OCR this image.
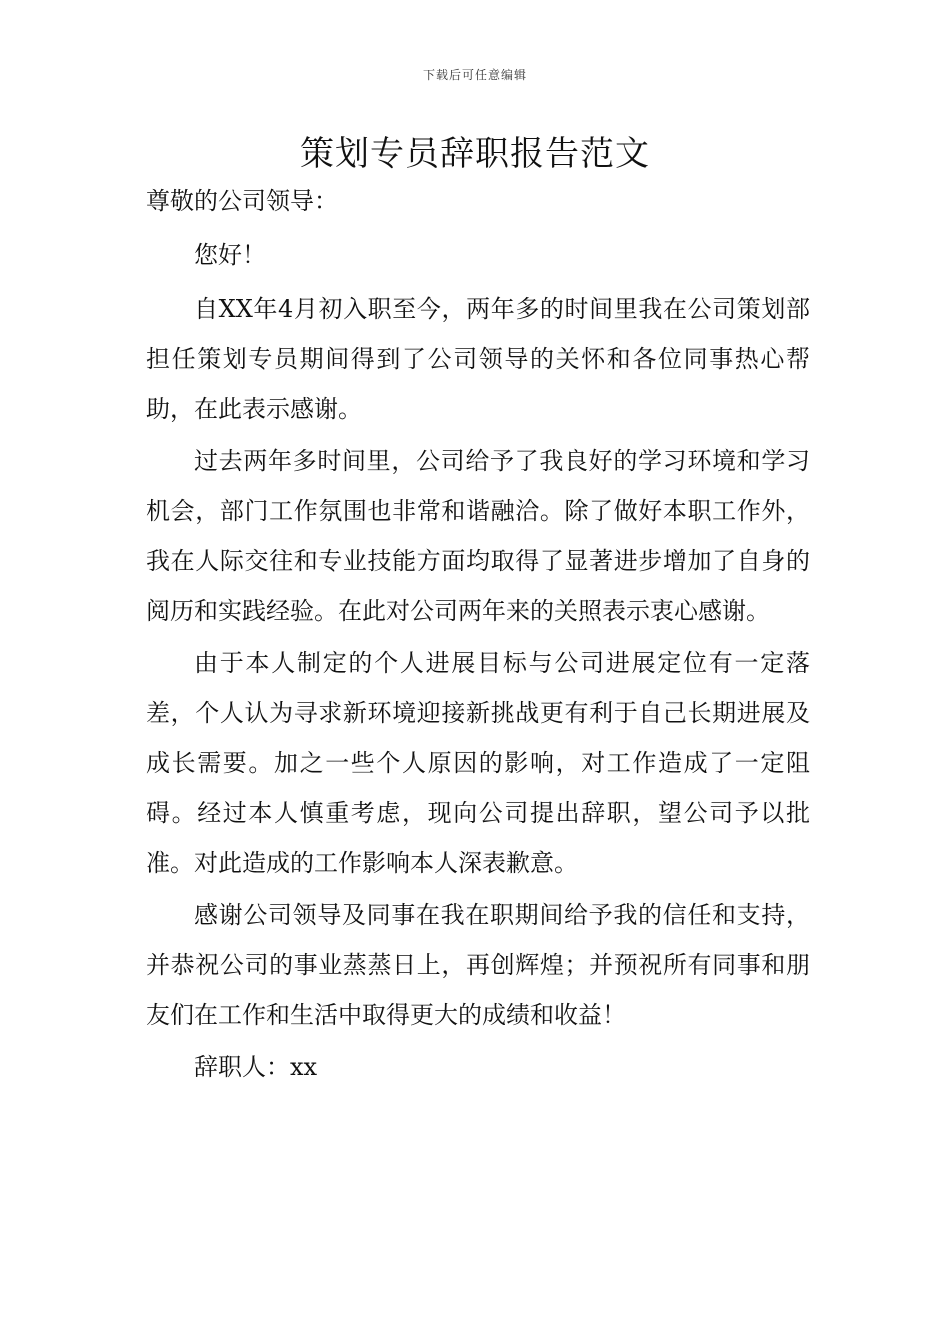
下载后可任意编辑
策划专员辞职报告范文

尊敬的公司领导：

您好！

自XX年4月初入职至今，两年多的时间里我在公司策划部担任策划专员期间得到了公司领导的关怀和各位同事热心帮助，在此表示感谢。

过去两年多时间里，公司给予了我良好的学习环境和学习机会，部门工作氛围也非常和谐融洽。除了做好本职工作外，我在人际交往和专业技能方面均取得了显著进步增加了自身的阅历和实践经验。在此对公司两年来的关照表示衷心感谢。

由于本人制定的个人进展目标与公司进展定位有一定落差，个人认为寻求新环境迎接新挑战更有利于自己长期进展及成长需要。加之一些个人原因的影响，对工作造成了一定阻碍。经过本人慎重考虑，现向公司提出辞职，望公司予以批准。对此造成的工作影响本人深表歉意。

感谢公司领导及同事在我在职期间给予我的信任和支持，并恭祝公司的事业蒸蒸日上，再创辉煌；并预祝所有同事和朋友们在工作和生活中取得更大的成绩和收益！

辞职人：xx
